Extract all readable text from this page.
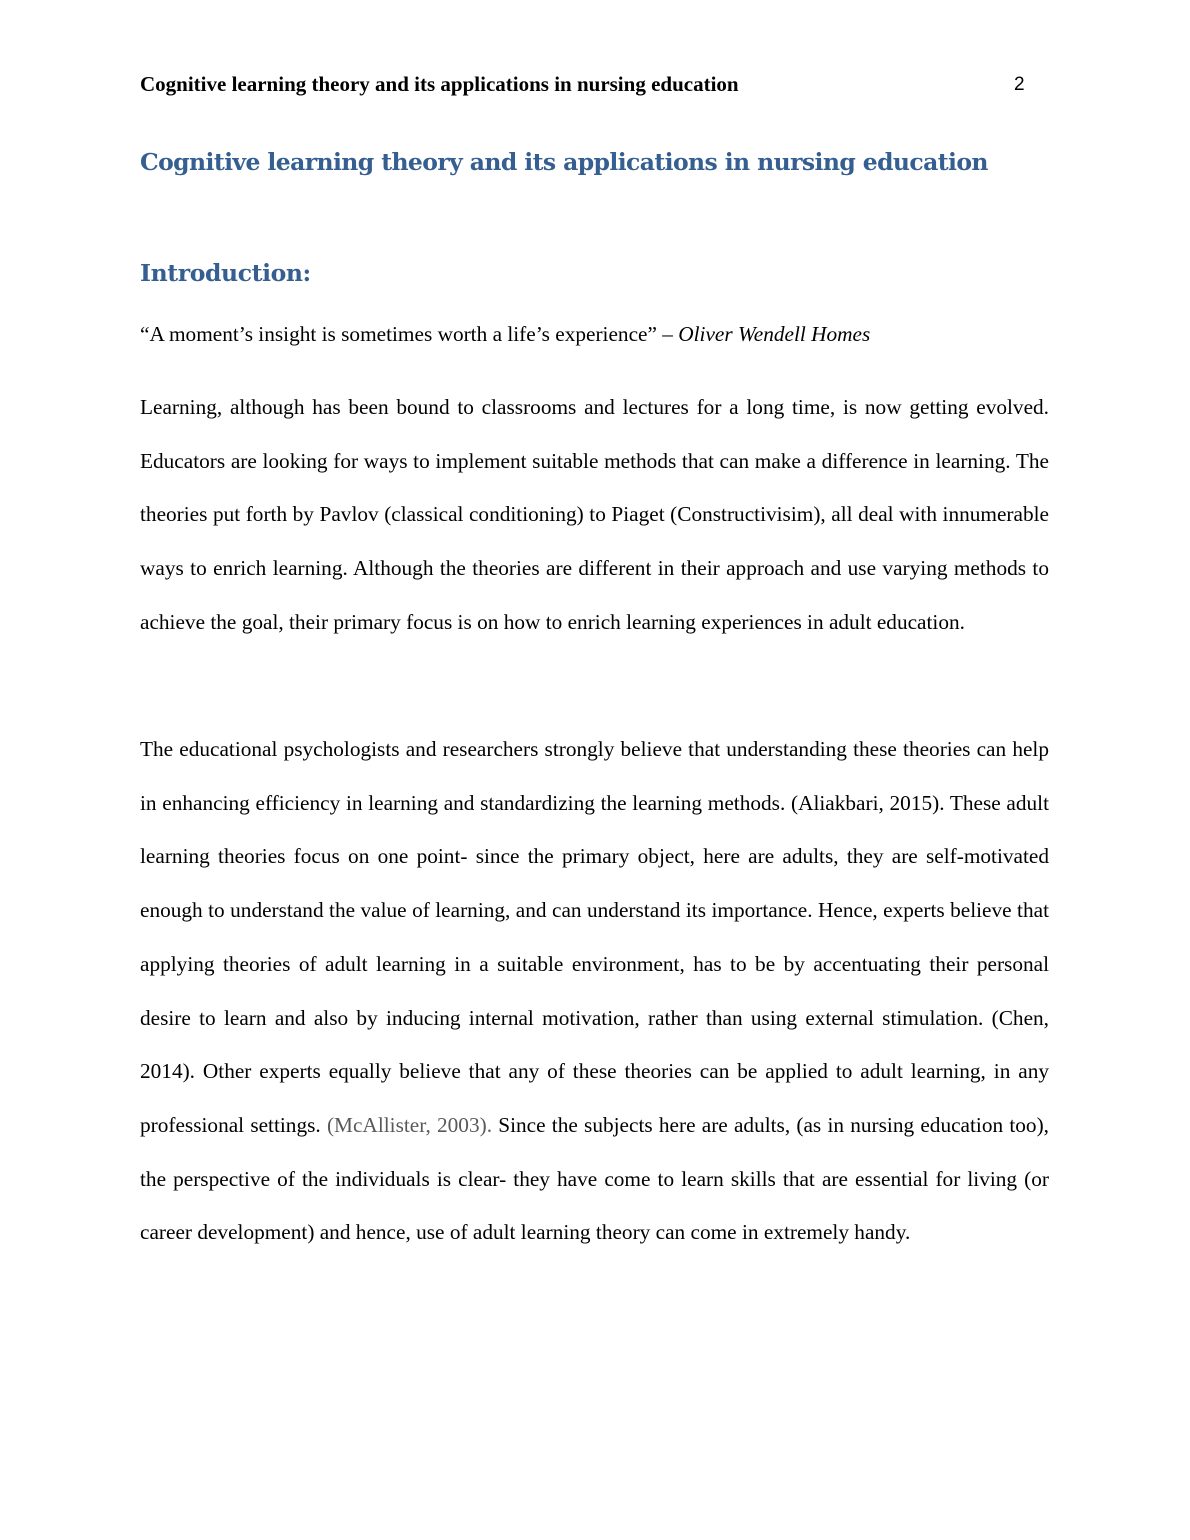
Cognitive learning theory and its applications in nursing education	2
Cognitive learning theory and its applications in nursing education
Introduction:

“A moment’s insight is sometimes worth a life’s experience” – Oliver Wendell Homes

Learning, although has been bound to classrooms and lectures for a long time, is now getting evolved. Educators are looking for ways to implement suitable methods that can make a difference in learning. The theories put forth by Pavlov (classical conditioning) to Piaget (Constructivisim), all deal with innumerable ways to enrich learning. Although the theories are different in their approach and use varying methods to achieve the goal, their primary focus is on how to enrich learning experiences in adult education.

The educational psychologists and researchers strongly believe that understanding these theories can help in enhancing efficiency in learning and standardizing the learning methods. (Aliakbari, 2015). These adult learning theories focus on one point- since the primary object, here are adults, they are self-motivated enough to understand the value of learning, and can understand its importance. Hence, experts believe that applying theories of adult learning in a suitable environment, has to be by accentuating their personal desire to learn and also by inducing internal motivation, rather than using external stimulation. (Chen, 2014). Other experts equally believe that any of these theories can be applied to adult learning, in any professional settings. (McAllister, 2003). Since the subjects here are adults, (as in nursing education too), the perspective of the individuals is clear- they have come to learn skills that are essential for living (or career development) and hence, use of adult learning theory can come in extremely handy.
